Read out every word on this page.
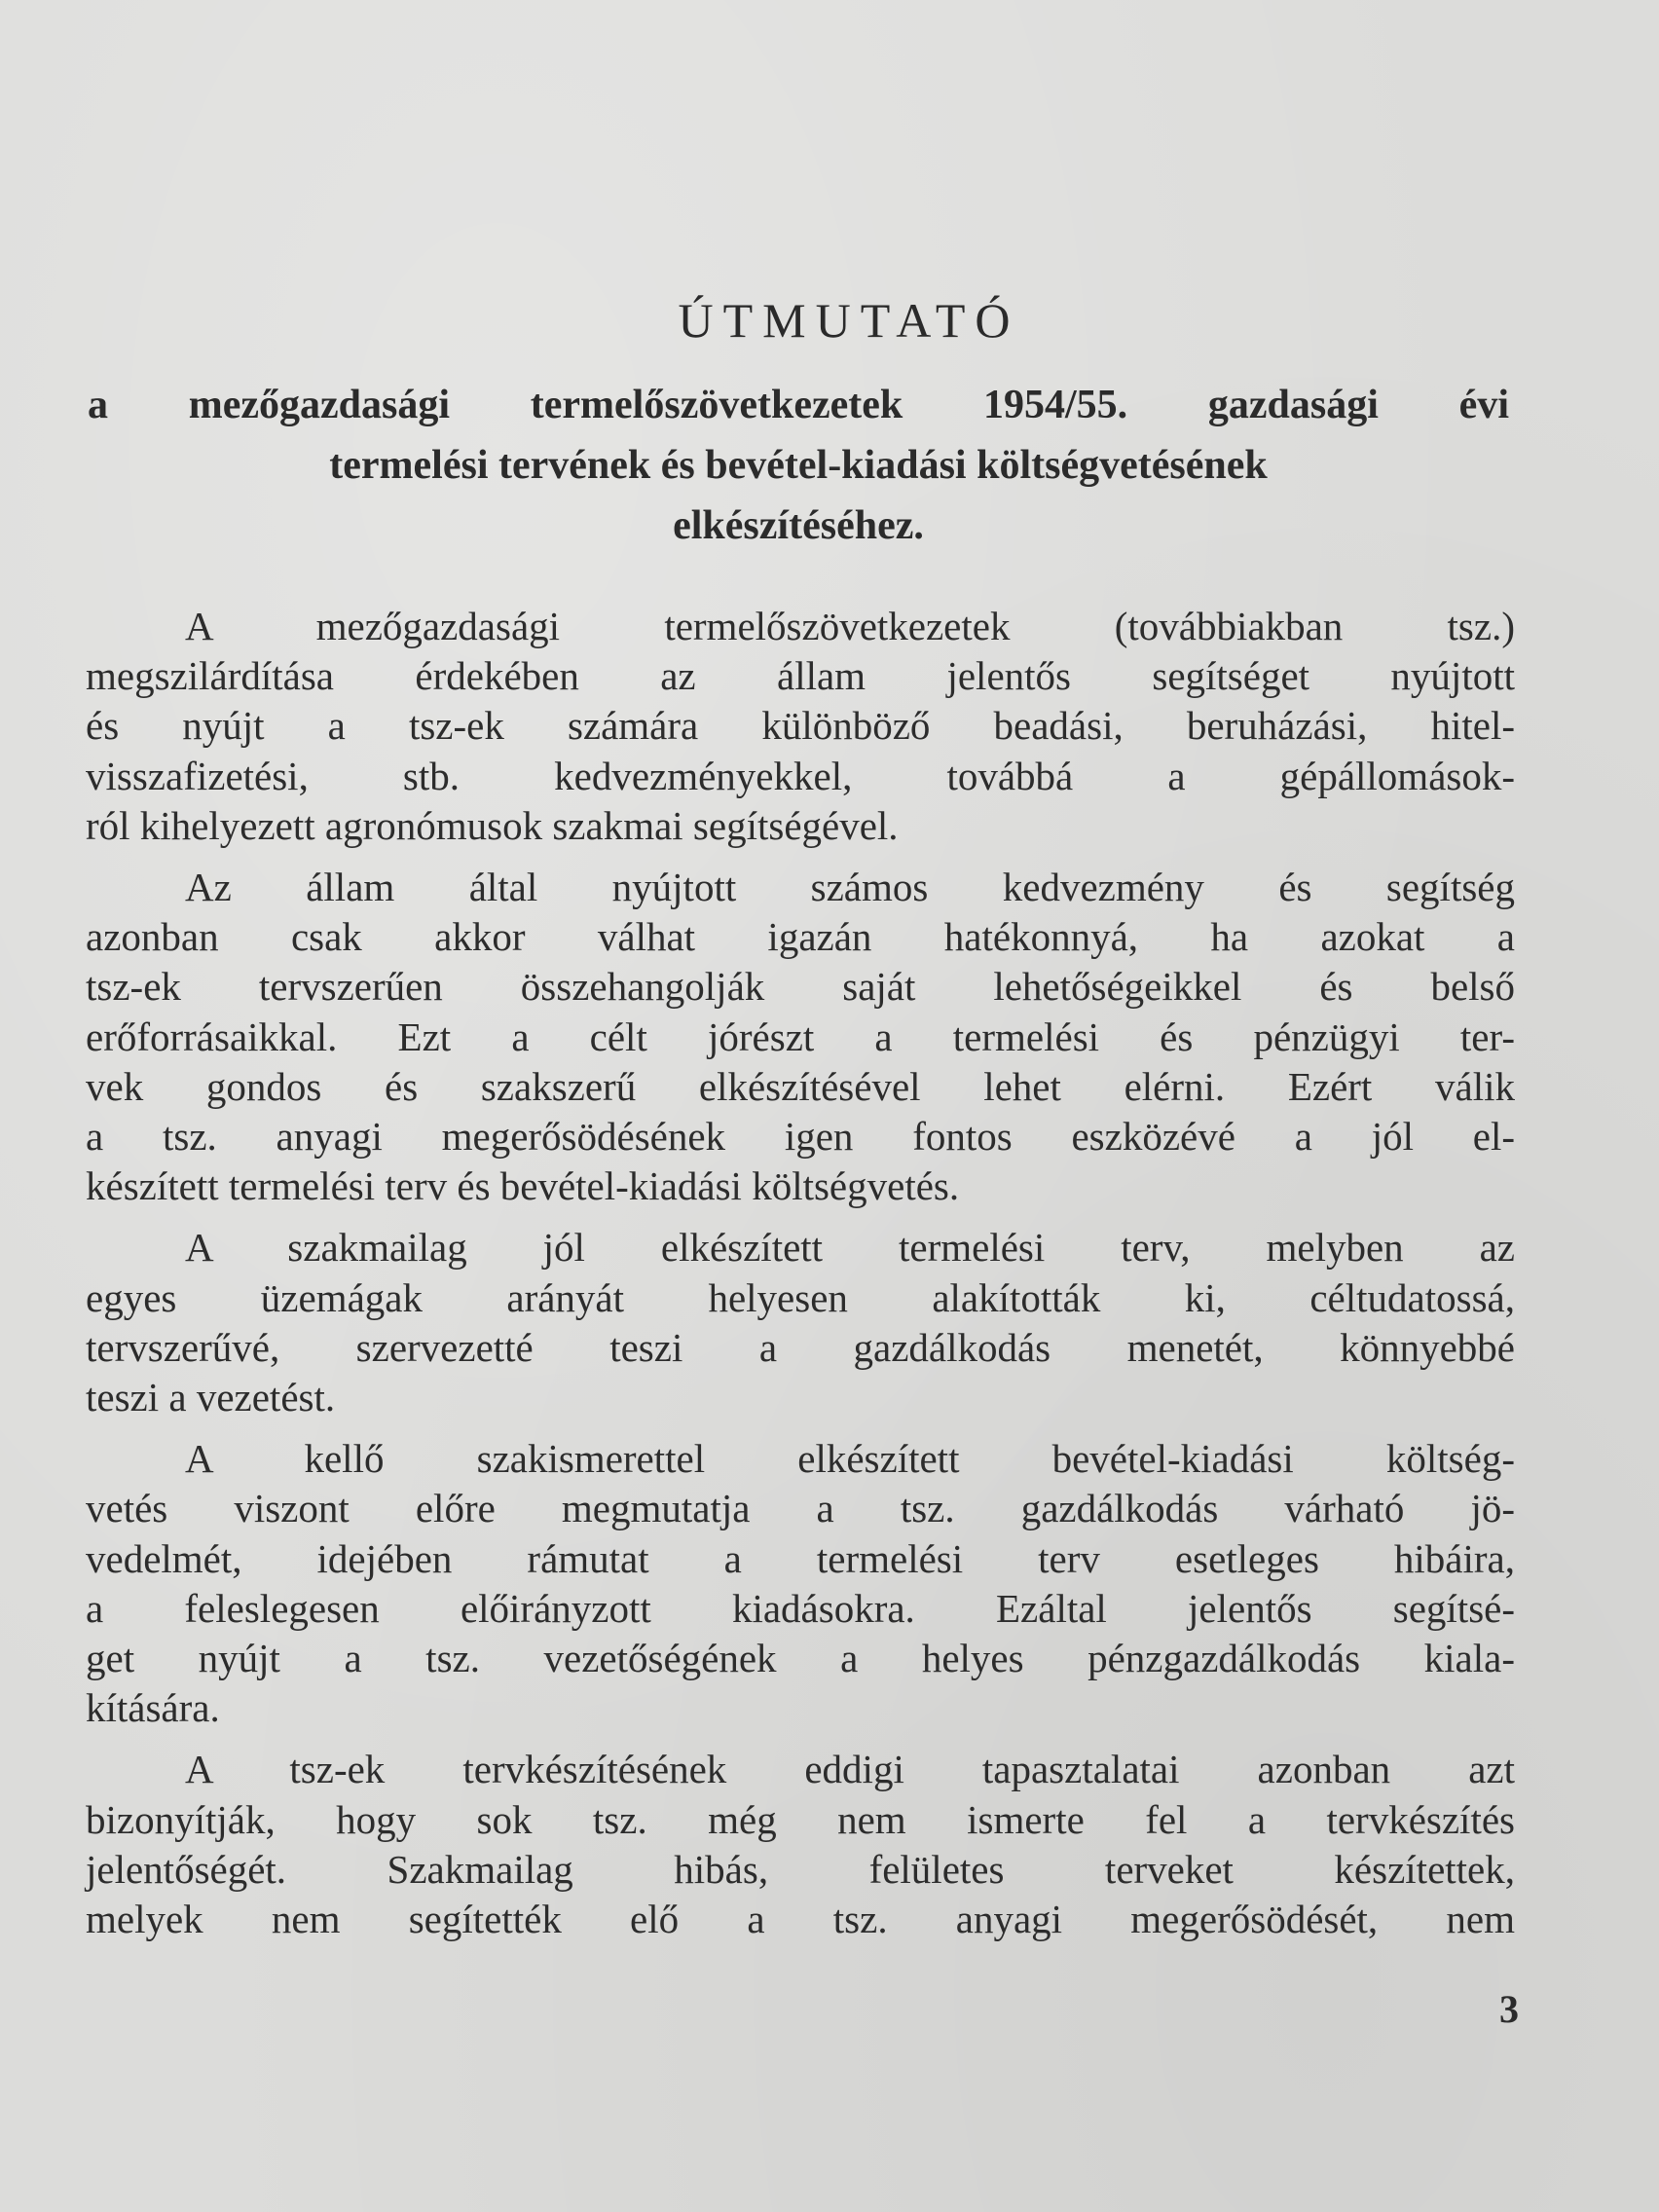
ÚTMUTATÓ
a mezőgazdasági termelőszövetkezetek 1954/55. gazdasági évi
termelési tervének és bevétel-kiadási költségvetésének
elkészítéséhez.
A mezőgazdasági termelőszövetkezetek (továbbiakban tsz.)
megszilárdítása érdekében az állam jelentős segítséget nyújtott
és nyújt a tsz-ek számára különböző beadási, beruházási, hitel-
visszafizetési, stb. kedvezményekkel, továbbá a gépállomások-
ról kihelyezett agronómusok szakmai segítségével.
Az állam által nyújtott számos kedvezmény és segítség
azonban csak akkor válhat igazán hatékonnyá, ha azokat a
tsz-ek tervszerűen összehangolják saját lehetőségeikkel és belső
erőforrásaikkal. Ezt a célt jórészt a termelési és pénzügyi ter-
vek gondos és szakszerű elkészítésével lehet elérni. Ezért válik
a tsz. anyagi megerősödésének igen fontos eszközévé a jól el-
készített termelési terv és bevétel-kiadási költségvetés.
A szakmailag jól elkészített termelési terv, melyben az
egyes üzemágak arányát helyesen alakították ki, céltudatossá,
tervszerűvé, szervezetté teszi a gazdálkodás menetét, könnyebbé
teszi a vezetést.
A kellő szakismerettel elkészített bevétel-kiadási költség-
vetés viszont előre megmutatja a tsz. gazdálkodás várható jö-
vedelmét, idejében rámutat a termelési terv esetleges hibáira,
a feleslegesen előirányzott kiadásokra. Ezáltal jelentős segítsé-
get nyújt a tsz. vezetőségének a helyes pénzgazdálkodás kiala-
kítására.
A tsz-ek tervkészítésének eddigi tapasztalatai azonban azt
bizonyítják, hogy sok tsz. még nem ismerte fel a tervkészítés
jelentőségét. Szakmailag hibás, felületes terveket készítettek,
melyek nem segítették elő a tsz. anyagi megerősödését, nem
3
